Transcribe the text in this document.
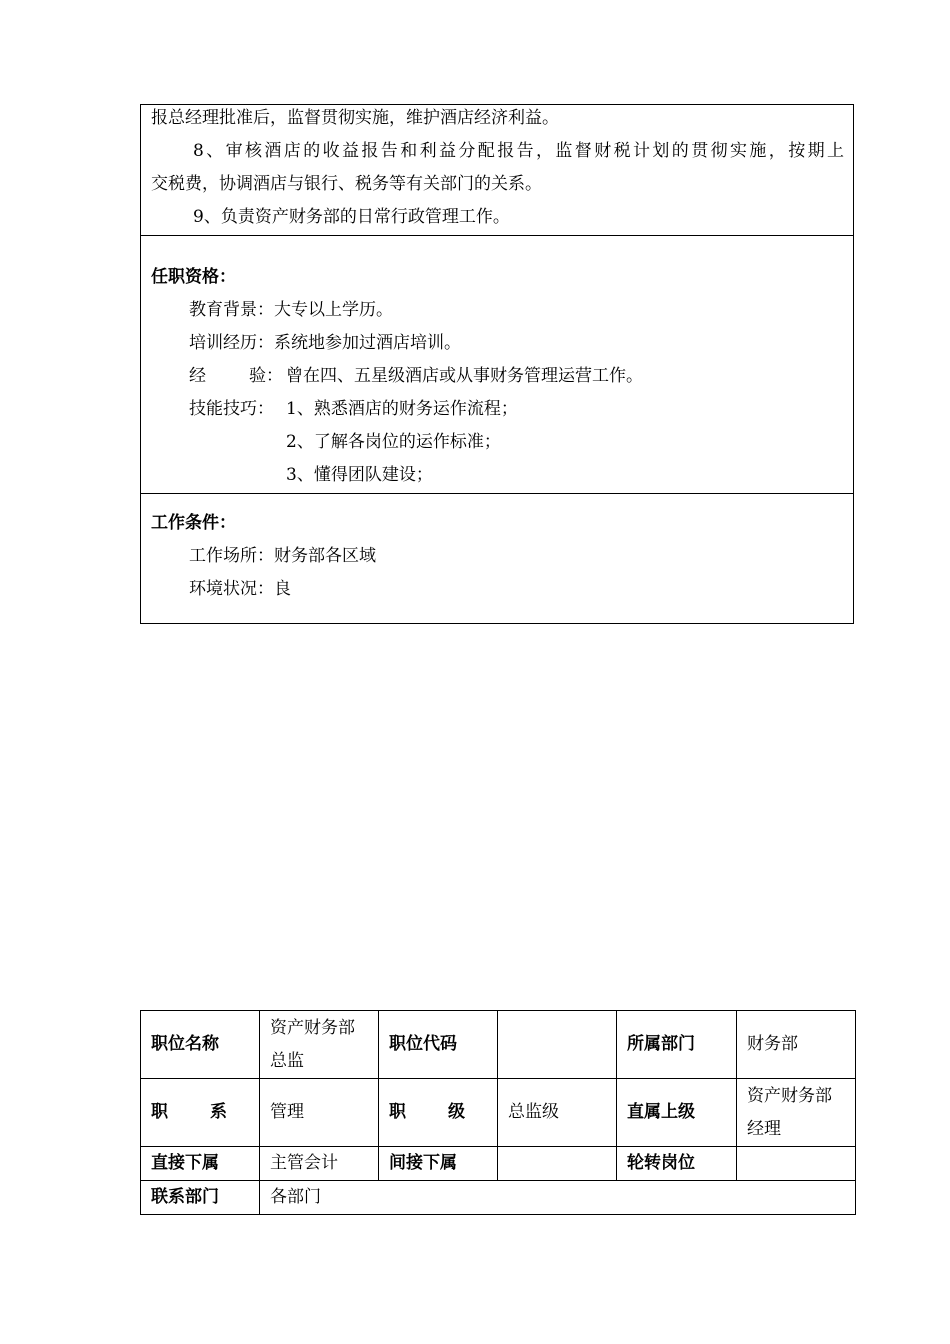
报总经理批准后，监督贯彻实施，维护酒店经济利益。
8、审核酒店的收益报告和利益分配报告，监督财税计划的贯彻实施，按期上
交税费，协调酒店与银行、税务等有关部门的关系。
9、负责资产财务部的日常行政管理工作。
任职资格：
教育背景：大专以上学历。
培训经历：系统地参加过酒店培训。
经	验： 曾在四、五星级酒店或从事财务管理运营工作。
技能技巧： 1、熟悉酒店的财务运作流程；
2、了解各岗位的运作标准；
3、懂得团队建设；
工作条件：
工作场所：财务部各区域
环境状况：良
职位名称	资产财务部
总监	职位代码		所属部门	财务部
职 系	管理	职 级	总监级	直属上级	资产财务部
经理

直接下属	主管会计	间接下属		轮转岗位	
联系部门	各部门				
